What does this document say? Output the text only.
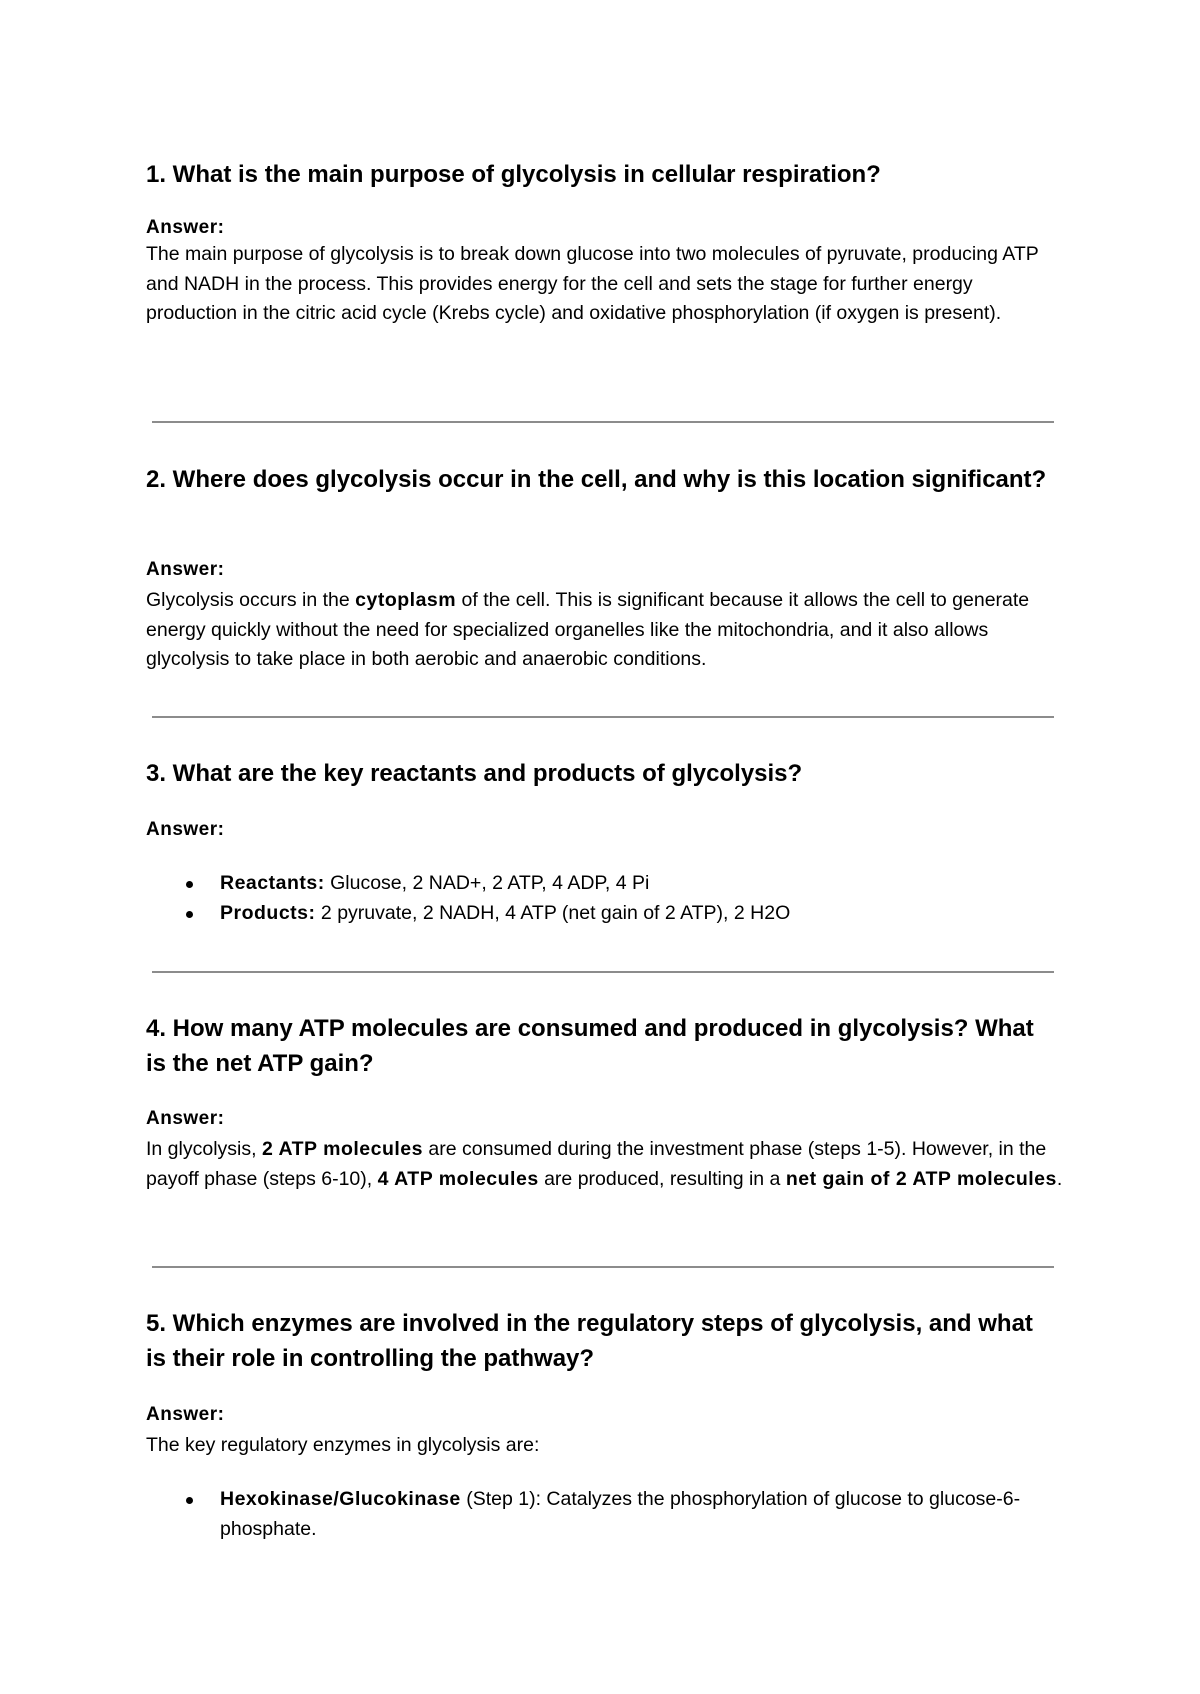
1. What is the main purpose of glycolysis in cellular respiration?
Answer:

The main purpose of glycolysis is to break down glucose into two molecules of pyruvate, producing ATP and NADH in the process. This provides energy for the cell and sets the stage for further energy production in the citric acid cycle (Krebs cycle) and oxidative phosphorylation (if oxygen is present).

2. Where does glycolysis occur in the cell, and why is this location significant?
Answer:

Glycolysis occurs in the cytoplasm of the cell. This is significant because it allows the cell to generate energy quickly without the need for specialized organelles like the mitochondria, and it also allows glycolysis to take place in both aerobic and anaerobic conditions.

3. What are the key reactants and products of glycolysis?
Answer:
Reactants: Glucose, 2 NAD+, 2 ATP, 4 ADP, 4 Pi
Products: 2 pyruvate, 2 NADH, 4 ATP (net gain of 2 ATP), 2 H2O
4. How many ATP molecules are consumed and produced in glycolysis? What is the net ATP gain?
Answer:

In glycolysis, 2 ATP molecules are consumed during the investment phase (steps 1-5). However, in the payoff phase (steps 6-10), 4 ATP molecules are produced, resulting in a net gain of 2 ATP molecules.

5. Which enzymes are involved in the regulatory steps of glycolysis, and what is their role in controlling the pathway?
Answer:

The key regulatory enzymes in glycolysis are:

Hexokinase/Glucokinase (Step 1): Catalyzes the phosphorylation of glucose to glucose-6-phosphate.
